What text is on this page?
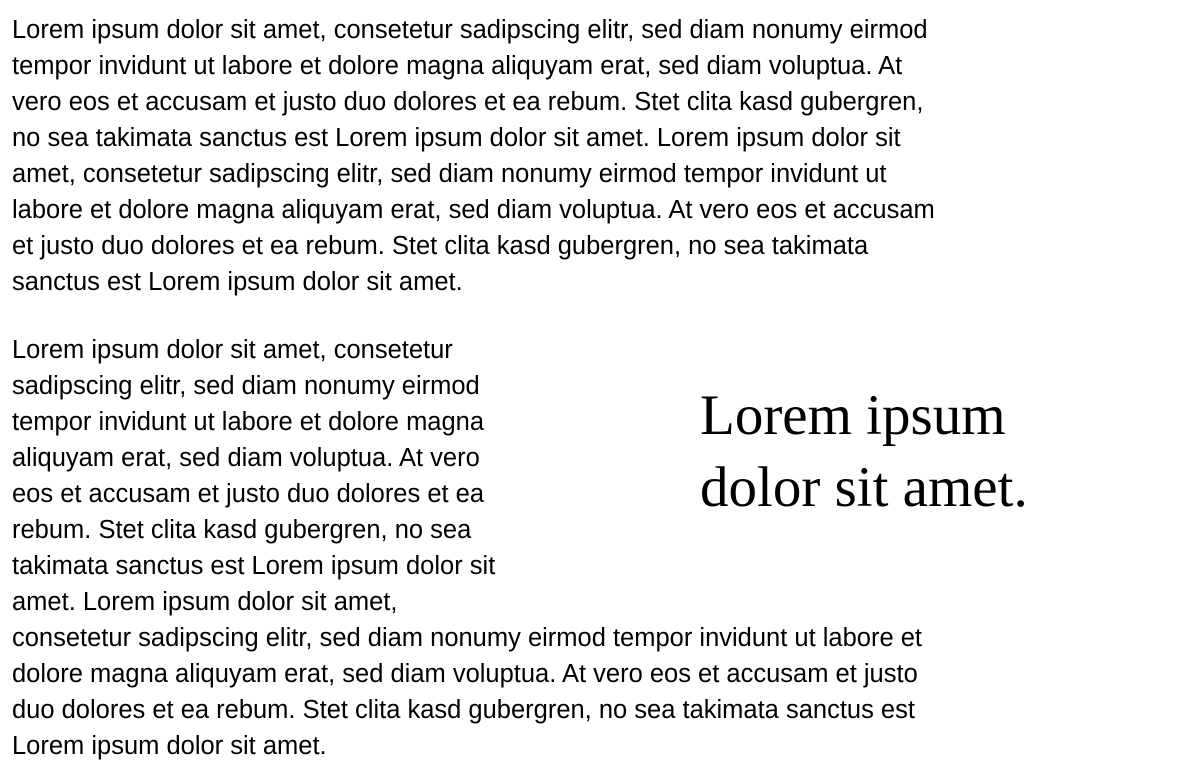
Lorem ipsum dolor sit amet, consetetur sadipscing elitr, sed diam nonumy eirmod
tempor invidunt ut labore et dolore magna aliquyam erat, sed diam voluptua. At
vero eos et accusam et justo duo dolores et ea rebum. Stet clita kasd gubergren,
no sea takimata sanctus est Lorem ipsum dolor sit amet. Lorem ipsum dolor sit
amet, consetetur sadipscing elitr, sed diam nonumy eirmod tempor invidunt ut
labore et dolore magna aliquyam erat, sed diam voluptua. At vero eos et accusam
et justo duo dolores et ea rebum. Stet clita kasd gubergren, no sea takimata
sanctus est Lorem ipsum dolor sit amet.
Lorem ipsum
dolor sit amet.
Lorem ipsum dolor sit amet, consetetur
sadipscing elitr, sed diam nonumy eirmod
tempor invidunt ut labore et dolore magna
aliquyam erat, sed diam voluptua. At vero
eos et accusam et justo duo dolores et ea
rebum. Stet clita kasd gubergren, no sea
takimata sanctus est Lorem ipsum dolor sit
amet. Lorem ipsum dolor sit amet,
consetetur sadipscing elitr, sed diam nonumy eirmod tempor invidunt ut labore et
dolore magna aliquyam erat, sed diam voluptua. At vero eos et accusam et justo
duo dolores et ea rebum. Stet clita kasd gubergren, no sea takimata sanctus est
Lorem ipsum dolor sit amet.
